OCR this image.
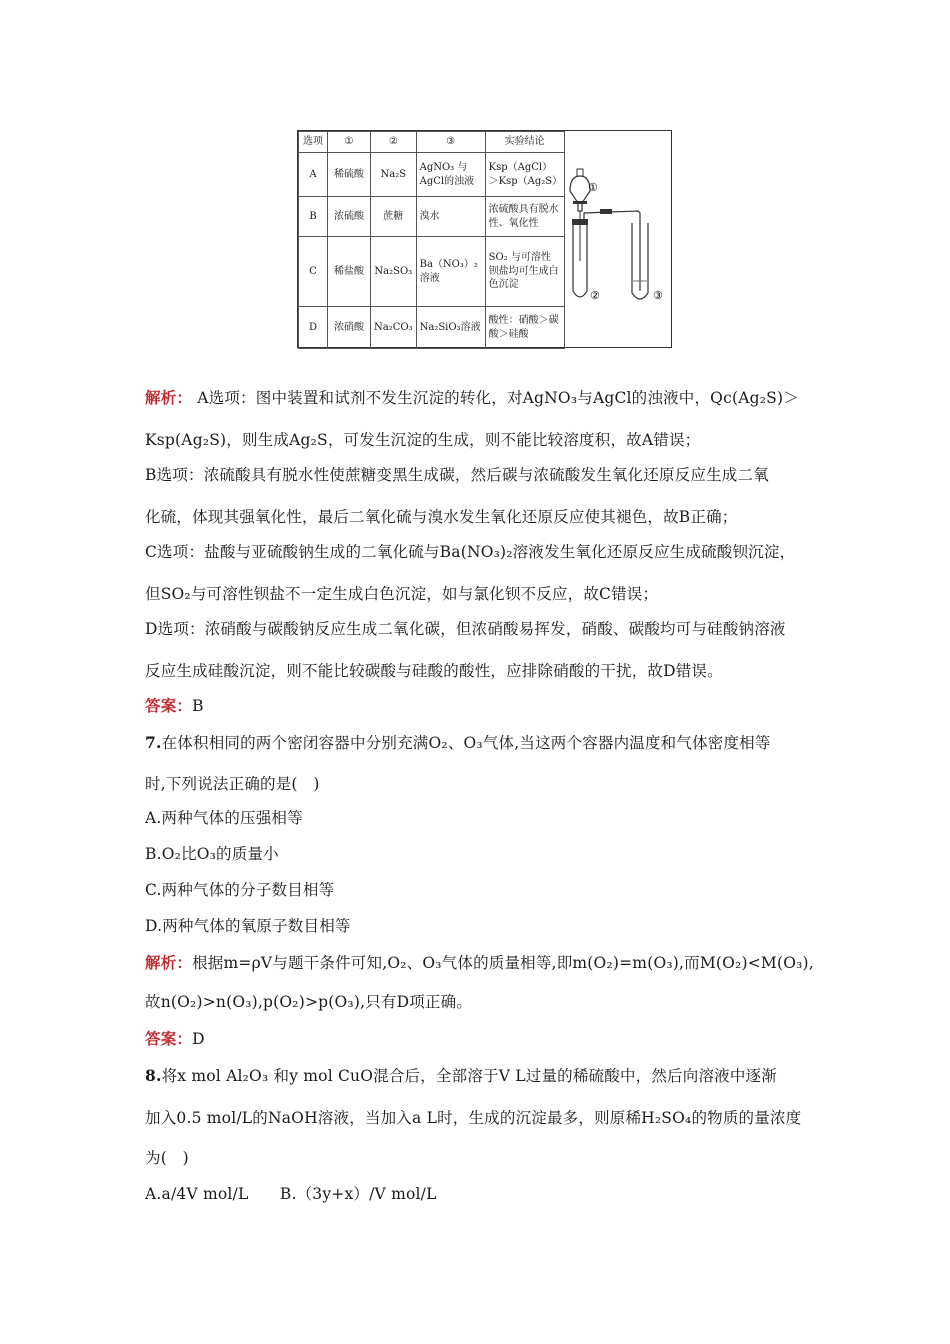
选项	①	②	③	实验结论
A	稀硫酸	Na₂S	AgNO₃ 与AgCl的浊液	Ksp（AgCl）＞Ksp（Ag₂S）
B	浓硫酸	蔗糖	溴水	浓硫酸具有脱水性、氧化性
C	稀盐酸	Na₂SO₃	Ba（NO₃）₂溶液	SO₂ 与可溶性钡盐均可生成白色沉淀
D	浓硝酸	Na₂CO₃	Na₂SiO₃溶液	酸性：硝酸＞碳酸＞硅酸
①
②	③
解析： A选项：图中装置和试剂不发生沉淀的转化，对AgNO₃与AgCl的浊液中，Qc(Ag₂S)＞
Ksp(Ag₂S)，则生成Ag₂S，可发生沉淀的生成，则不能比较溶度积，故A错误；
B选项：浓硫酸具有脱水性使蔗糖变黑生成碳，然后碳与浓硫酸发生氧化还原反应生成二氧
化硫，体现其强氧化性，最后二氧化硫与溴水发生氧化还原反应使其褪色，故B正确；
C选项：盐酸与亚硫酸钠生成的二氧化硫与Ba(NO₃)₂溶液发生氧化还原反应生成硫酸钡沉淀，
但SO₂与可溶性钡盐不一定生成白色沉淀，如与氯化钡不反应，故C错误；
D选项：浓硝酸与碳酸钠反应生成二氧化碳，但浓硝酸易挥发，硝酸、碳酸均可与硅酸钠溶液
反应生成硅酸沉淀，则不能比较碳酸与硅酸的酸性，应排除硝酸的干扰，故D错误。
答案：B
7.在体积相同的两个密闭容器中分别充满O₂、O₃气体,当这两个容器内温度和气体密度相等
时,下列说法正确的是(　)
A.两种气体的压强相等
B.O₂比O₃的质量小
C.两种气体的分子数目相等
D.两种气体的氧原子数目相等
解析：根据m=ρV与题干条件可知,O₂、O₃气体的质量相等,即m(O₂)=m(O₃),而M(O₂)<M(O₃),
故n(O₂)>n(O₃),p(O₂)>p(O₃),只有D项正确。
答案：D
8.将x mol Al₂O₃ 和y mol CuO混合后，全部溶于V L过量的稀硫酸中，然后向溶液中逐渐
加入0.5 mol/L的NaOH溶液，当加入a L时，生成的沉淀最多，则原稀H₂SO₄的物质的量浓度
为(　)
A.a/4V mol/L　　B.（3y+x）/V mol/L
